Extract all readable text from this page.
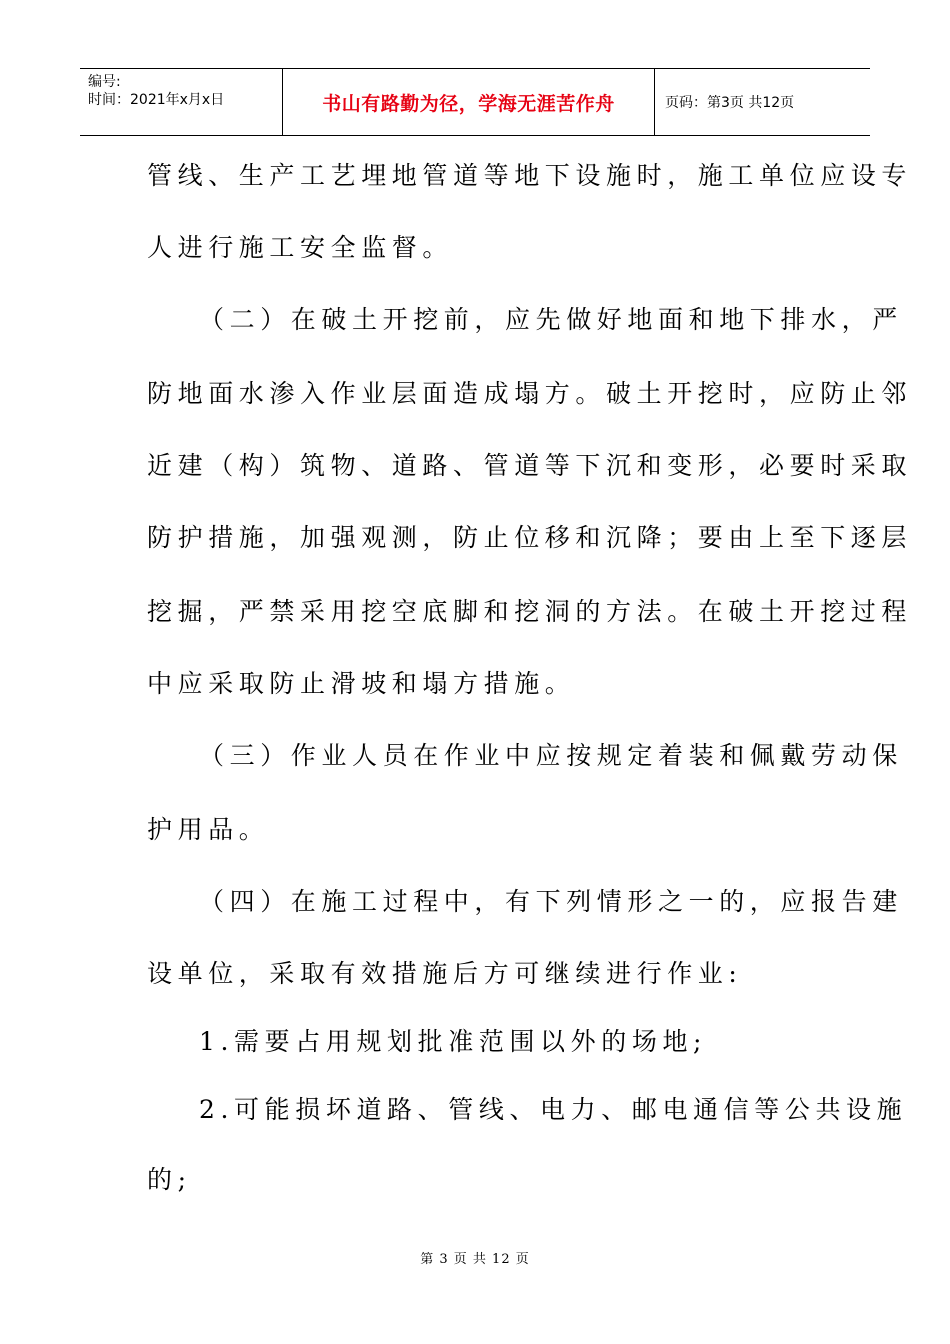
编号:
时间：2021年x月x日	书山有路勤为径，学海无涯苦作舟	页码：第3页 共12页
管线、生产工艺埋地管道等地下设施时，施工单位应设专
人进行施工安全监督。
（二）在破土开挖前，应先做好地面和地下排水，严
防地面水渗入作业层面造成塌方。破土开挖时，应防止邻
近建（构）筑物、道路、管道等下沉和变形，必要时采取
防护措施，加强观测，防止位移和沉降；要由上至下逐层
挖掘，严禁采用挖空底脚和挖洞的方法。在破土开挖过程
中应采取防止滑坡和塌方措施。
（三）作业人员在作业中应按规定着装和佩戴劳动保
护用品。
（四）在施工过程中，有下列情形之一的，应报告建
设单位，采取有效措施后方可继续进行作业:
1.需要占用规划批准范围以外的场地;
2.可能损坏道路、管线、电力、邮电通信等公共设施
的;
第 3 页 共 12 页
